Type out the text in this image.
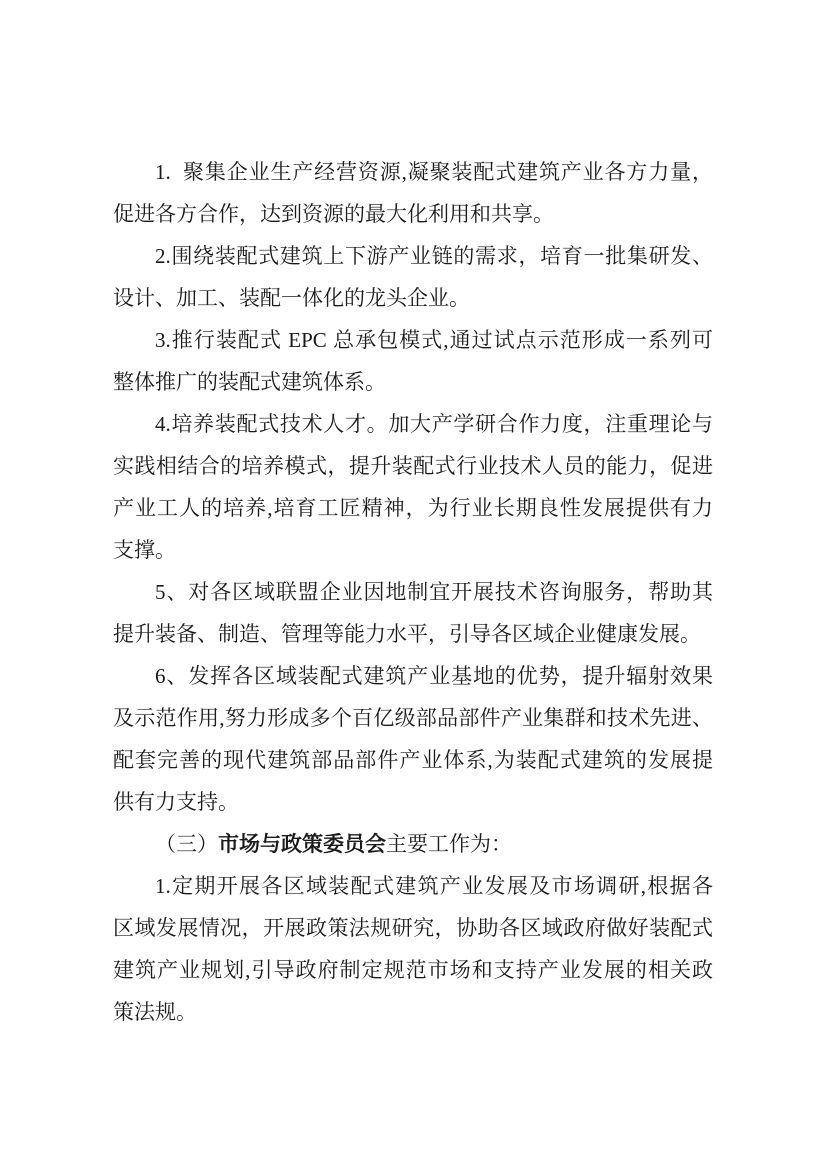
1.  聚集企业生产经营资源,凝聚装配式建筑产业各方力量，
促进各方合作，达到资源的最大化利用和共享。
2.围绕装配式建筑上下游产业链的需求，培育一批集研发、
设计、加工、装配一体化的龙头企业。
3.推行装配式 EPC 总承包模式,通过试点示范形成一系列可
整体推广的装配式建筑体系。
4.培养装配式技术人才。加大产学研合作力度，注重理论与
实践相结合的培养模式，提升装配式行业技术人员的能力，促进
产业工人的培养,培育工匠精神，为行业长期良性发展提供有力
支撑。
5、对各区域联盟企业因地制宜开展技术咨询服务，帮助其
提升装备、制造、管理等能力水平，引导各区域企业健康发展。
6、发挥各区域装配式建筑产业基地的优势，提升辐射效果
及示范作用,努力形成多个百亿级部品部件产业集群和技术先进、
配套完善的现代建筑部品部件产业体系,为装配式建筑的发展提
供有力支持。
（三）市场与政策委员会主要工作为：
1.定期开展各区域装配式建筑产业发展及市场调研,根据各
区域发展情况，开展政策法规研究，协助各区域政府做好装配式
建筑产业规划,引导政府制定规范市场和支持产业发展的相关政
策法规。
